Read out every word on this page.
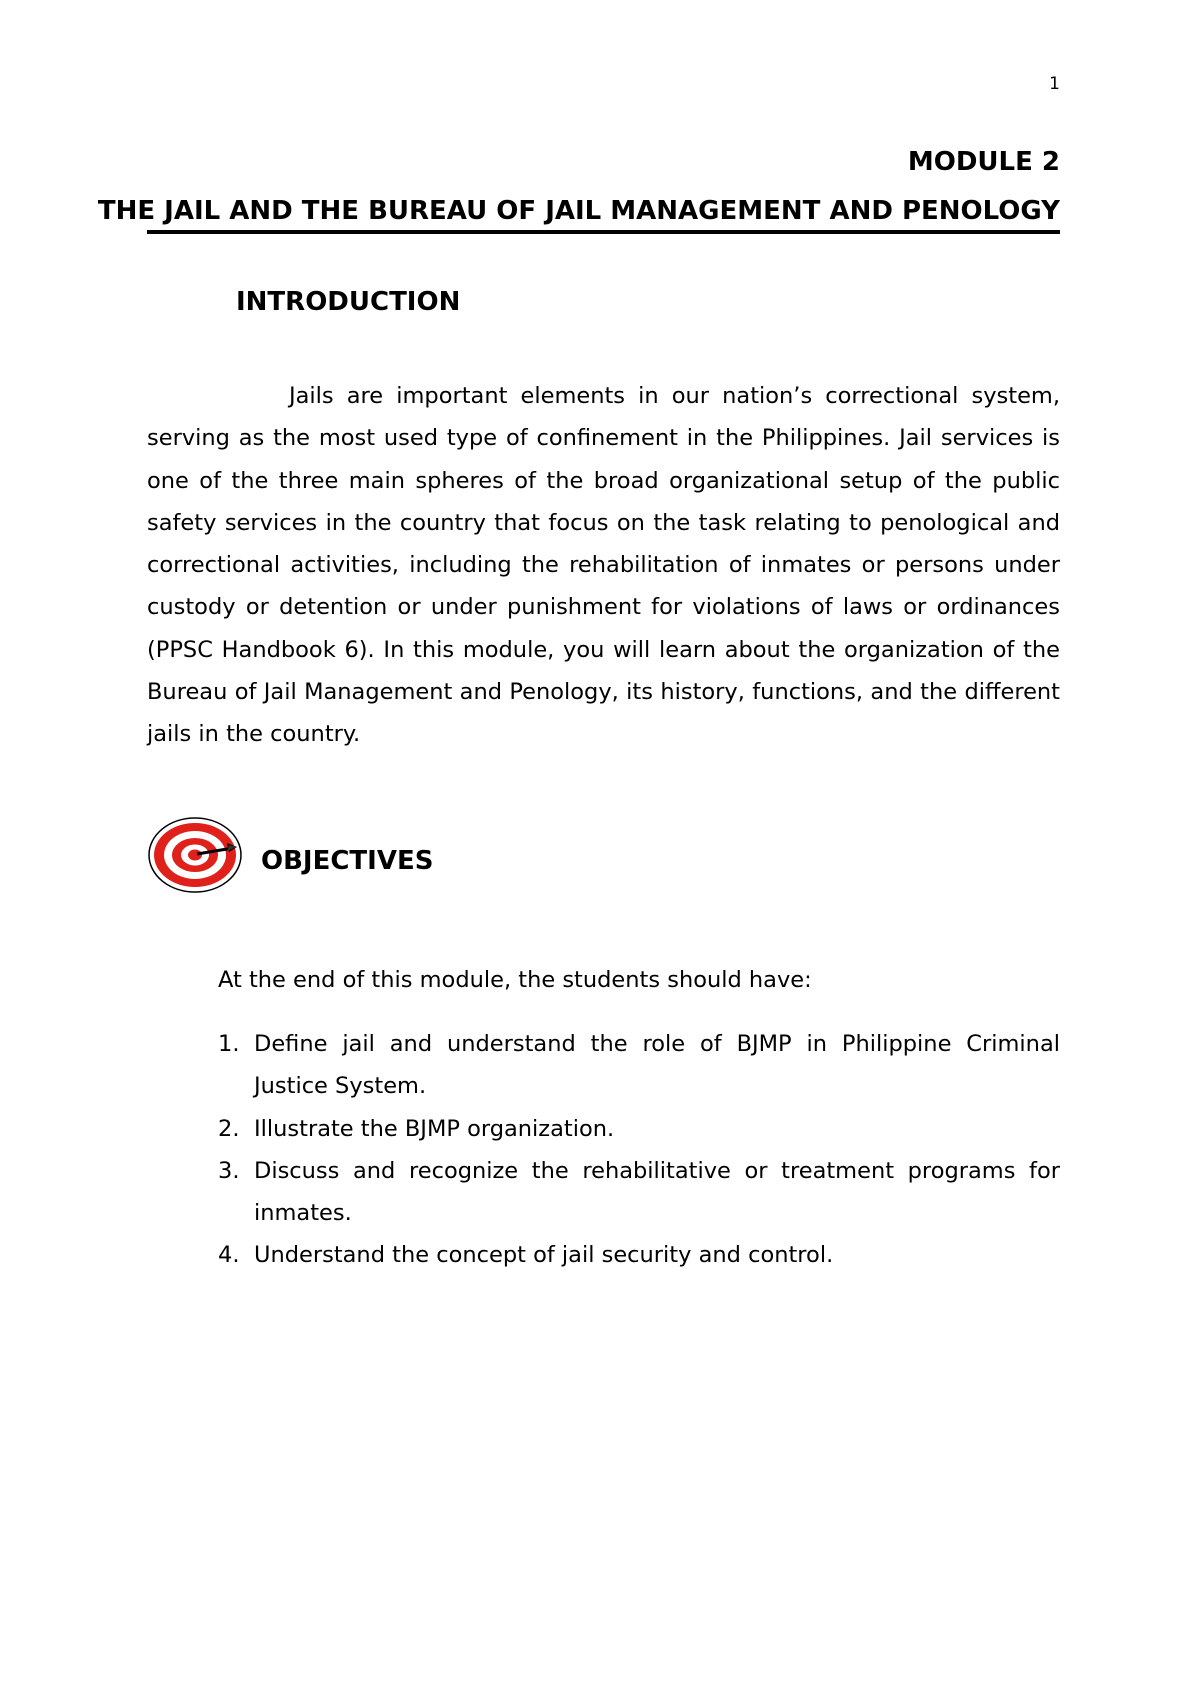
1
MODULE 2
THE JAIL AND THE BUREAU OF JAIL MANAGEMENT AND PENOLOGY
INTRODUCTION

Jails are important elements in our nation’s correctional system, serving as the most used type of confinement in the Philippines. Jail services is one of the three main spheres of the broad organizational setup of the public safety services in the country that focus on the task relating to penological and correctional activities, including the rehabilitation of inmates or persons under custody or detention or under punishment for violations of laws or ordinances (PPSC Handbook 6). In this module, you will learn about the organization of the Bureau of Jail Management and Penology, its history, functions, and the different jails in the country.

OBJECTIVES
At the end of this module, the students should have:
1. Define jail and understand the role of BJMP in Philippine Criminal Justice System.
2. Illustrate the BJMP organization.
3. Discuss and recognize the rehabilitative or treatment programs for inmates.
4. Understand the concept of jail security and control.
